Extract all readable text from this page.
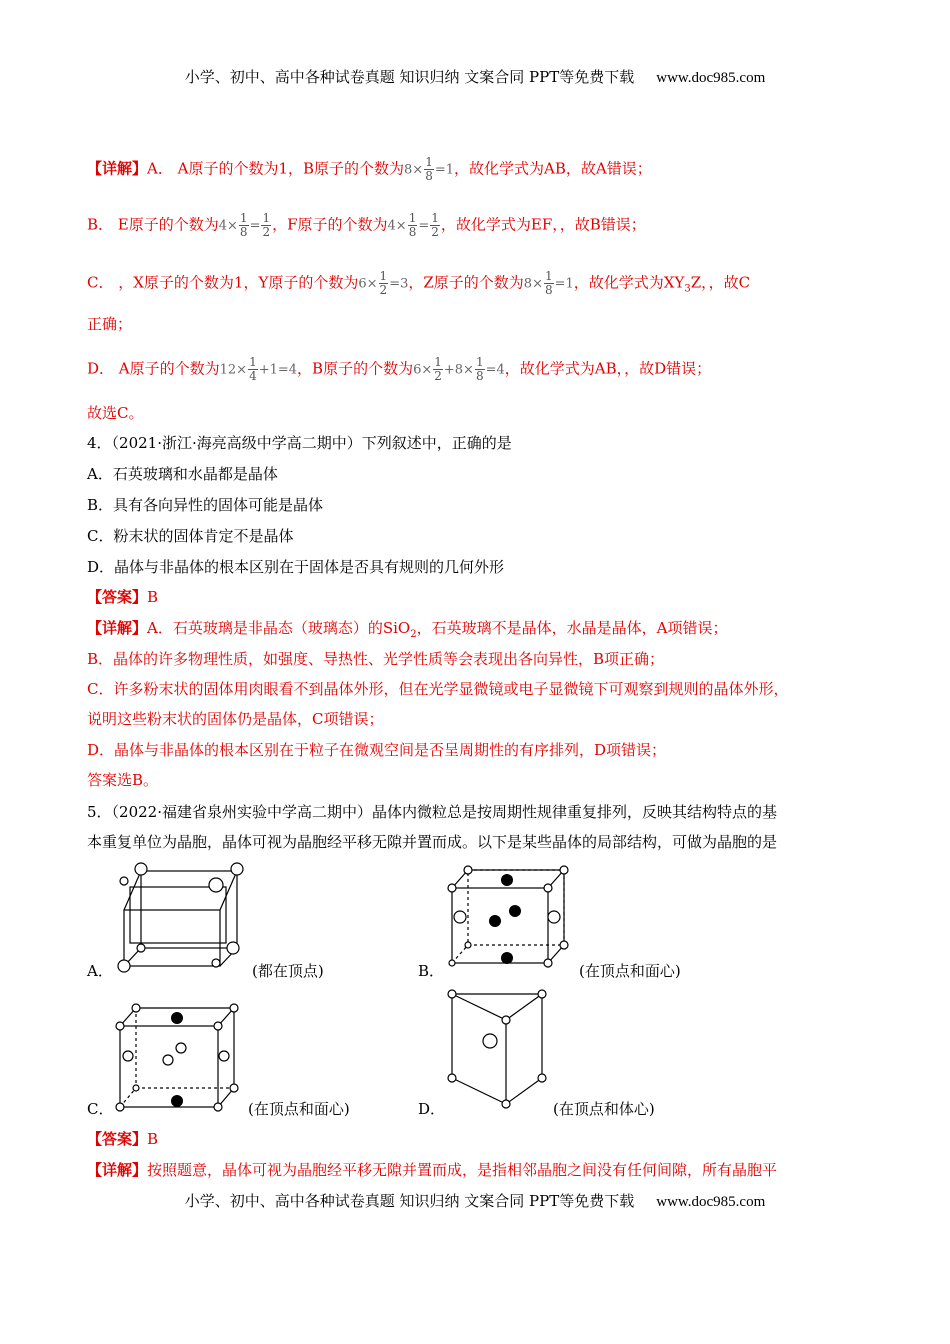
小学、初中、高中各种试卷真题 知识归纳 文案合同 PPT等免费下载 www.doc985.com
【详解】A． A原子的个数为1，B原子的个数为$8\times \frac{1}{8} =1$，故化学式为AB，故A错误；
B． E原子的个数为$4\times \frac{1}{8} = \frac{1}{2}$ ，F原子的个数为$4\times \frac{1}{8} = \frac{1}{2}$ ，故化学式为EF，，故B错误；
C． ，X原子的个数为1，Y原子的个数为$6\times \frac{1}{2} =3$，Z原子的个数为$8\times \frac{1}{8} =1$，故化学式为$XY_3Z$，，故C
正确；
D． A原子的个数为$12\times \frac{1}{4} +1=4$，B原子的个数为$6\times \frac{1}{2} +8\times \frac{1}{8} =4$，故化学式为AB，，故D错误；
故选C。
4．（2021·浙江·海亮高级中学高二期中）下列叙述中，正确的是
A．石英玻璃和水晶都是晶体
B．具有各向异性的固体可能是晶体
C．粉末状的固体肯定不是晶体
D．晶体与非晶体的根本区别在于固体是否具有规则的几何外形
【答案】B
【详解】A．石英玻璃是非晶态（玻璃态）的SiO$_2$，石英玻璃不是晶体，水晶是晶体，A项错误；
B．晶体的许多物理性质，如强度、导热性、光学性质等会表现出各向异性，B项正确；
C．许多粉末状的固体用肉眼看不到晶体外形，但在光学显微镜或电子显微镜下可观察到规则的晶体外形，
说明这些粉末状的固体仍是晶体，C项错误；
D．晶体与非晶体的根本区别在于粒子在微观空间是否呈周期性的有序排列，D项错误；
答案选B。
5．（2022·福建省泉州实验中学高二期中）晶体内微粒总是按周期性规律重复排列，反映其结构特点的基
本重复单位为晶胞，晶体可视为晶胞经平移无隙并置而成。以下是某些晶体的局部结构，可做为晶胞的是
A．	(都在顶点)	B．	(在顶点和面心)
C．	(在顶点和面心)	D．	(在顶点和体心)
【答案】B
【详解】按照题意，晶体可视为晶胞经平移无隙并置而成，是指相邻晶胞之间没有任何间隙，所有晶胞平
小学、初中、高中各种试卷真题 知识归纳 文案合同 PPT等免费下载 www.doc985.com
